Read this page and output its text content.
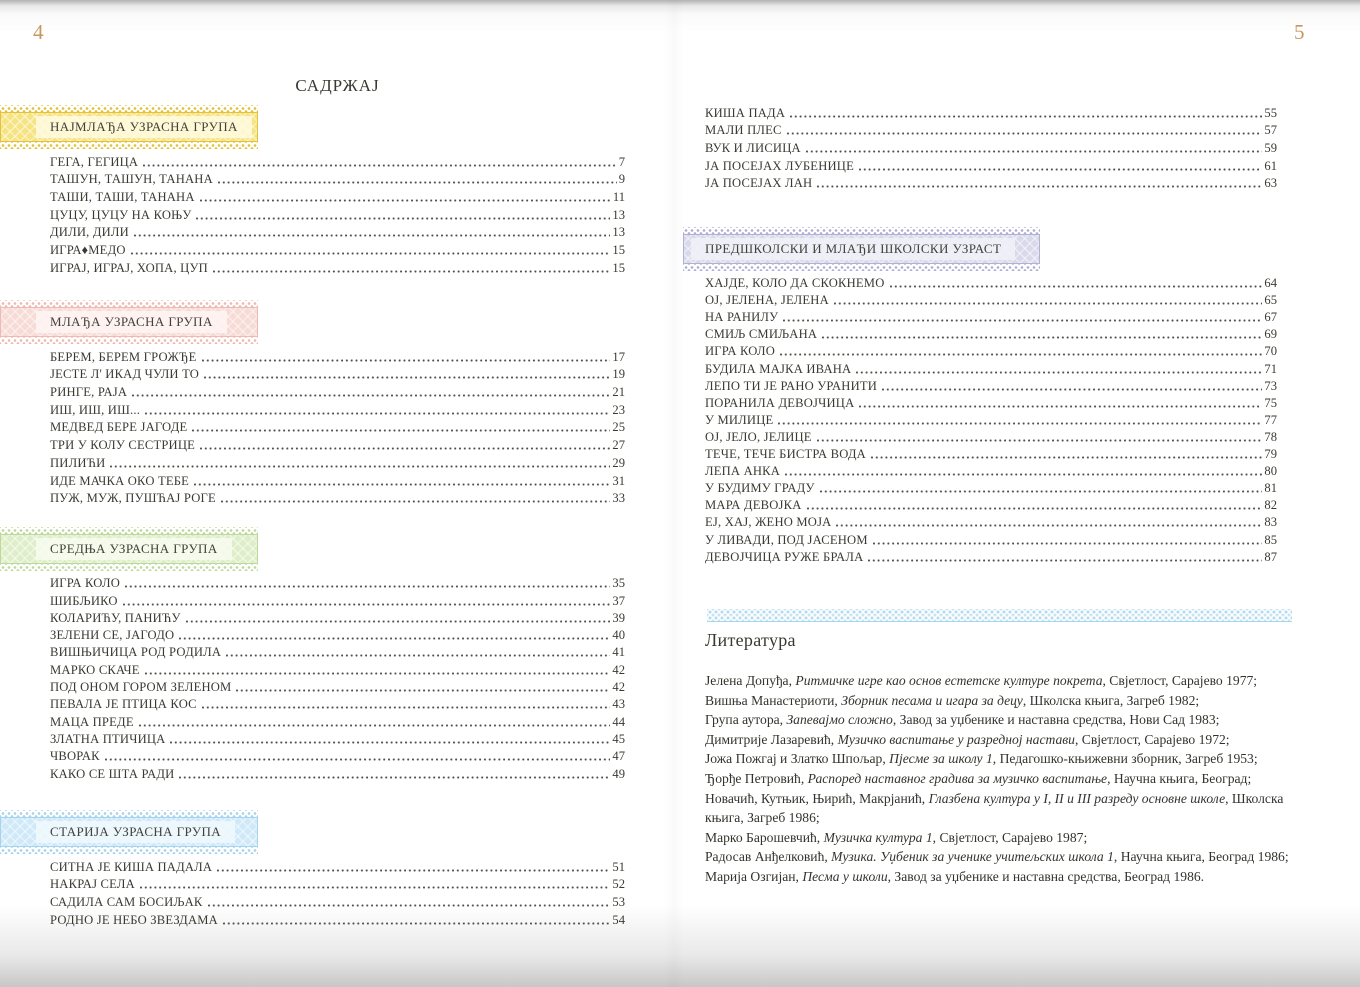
4	5
САДРЖАЈ
НАЈМЛАЂА УЗРАСНА ГРУПА
ГЕГА, ГЕГИЦА	7
ТАШУН, ТАШУН, ТАНАНА	9
ТАШИ, ТАШИ, ТАНАНА	11
ЦУЦУ, ЦУЦУ НА КОЊУ	13
ДИЛИ, ДИЛИ	13
ИГРА♦МЕДО	15
ИГРАЈ, ИГРАЈ, ХОПА, ЦУП	15
МЛАЂА УЗРАСНА ГРУПА
БЕРЕМ, БЕРЕМ ГРОЖЂЕ	17
ЈЕСТЕ Л' ИКАД ЧУЛИ ТО	19
РИНГЕ, РАЈА	21
ИШ, ИШ, ИШ...	23
МЕДВЕД БЕРЕ ЈАГОДЕ	25
ТРИ У КОЛУ СЕСТРИЦЕ	27
ПИЛИЋИ	29
ИДЕ МАЧКА ОКО ТЕБЕ	31
ПУЖ, МУЖ, ПУШЋАЈ РОГЕ	33
СРЕДЊА УЗРАСНА ГРУПА
ИГРА КОЛО	35
ШИБЉИКО	37
КОЛАРИЋУ, ПАНИЋУ	39
ЗЕЛЕНИ СЕ, ЈАГОДО	40
ВИШЊИЧИЦА РОД РОДИЛА	41
МАРКО СКАЧЕ	42
ПОД ОНОМ ГОРОМ ЗЕЛЕНОМ	42
ПЕВАЛА ЈЕ ПТИЦА КОС	43
МАЦА ПРЕДЕ	44
ЗЛАТНА ПТИЧИЦА	45
ЧВОРАК	47
КАКО СЕ ШТА РАДИ	49
СТАРИЈА УЗРАСНА ГРУПА
СИТНА ЈЕ КИША ПАДАЛА	51
НАКРАЈ СЕЛА	52
САДИЛА САМ БОСИЉАК	53
РОДНО ЈЕ НЕБО ЗВЕЗДАМА	54
КИША ПАДА	55
МАЛИ ПЛЕС	57
ВУК И ЛИСИЦА	59
ЈА ПОСЕЈАХ ЛУБЕНИЦЕ	61
ЈА ПОСЕЈАХ ЛАН	63
ПРЕДШКОЛСКИ И МЛАЂИ ШКОЛСКИ УЗРАСТ
ХАЈДЕ, КОЛО ДА СКОКНЕМО	64
ОЈ, ЈЕЛЕНА, ЈЕЛЕНА	65
НА РАНИЛУ	67
СМИЉ СМИЉАНА	69
ИГРА КОЛО	70
БУДИЛА МАЈКА ИВАНА	71
ЛЕПО ТИ ЈЕ РАНО УРАНИТИ	73
ПОРАНИЛА ДЕВОЈЧИЦА	75
У МИЛИЦЕ	77
ОЈ, ЈЕЛО, ЈЕЛИЦЕ	78
ТЕЧЕ, ТЕЧЕ БИСТРА ВОДА	79
ЛЕПА АНКА	80
У БУДИМУ ГРАДУ	81
МАРА ДЕВОЈКА	82
ЕЈ, ХАЈ, ЖЕНО МОЈА	83
У ЛИВАДИ, ПОД ЈАСЕНОМ	85
ДЕВОЈЧИЦА РУЖЕ БРАЛА	87
Литература

Јелена Допуђа, Ритмичке игре као основ естетске културе покрета, Свјетлост, Сарајево 1977;

Вишња Манастериоти, Зборник песама и игара за децу, Школска књига, Загреб 1982;

Група аутора, Запевајмо сложно, Завод за уџбенике и наставна средства, Нови Сад 1983;

Димитрије Лазаревић, Музичко васпитање у разредној настави, Свјетлост, Сарајево 1972;

Јожа Пожгај и Златко Шпољар, Пјесме за школу 1, Педагошко-књижевни зборник, Загреб 1953;

Ђорђе Петровић, Распоред наставног градива за музичко васпитање, Научна књига, Београд;

Новачић, Кутњик, Њирић, Макрјанић, Глазбена култура у I, II и III разреду основне школе, Школска књига, Загреб 1986;

Марко Барошевчић, Музичка култура 1, Свјетлост, Сарајево 1987;

Радосав Анђелковић, Музика. Уџбеник за ученике учитељских школа 1, Научна књига, Београд 1986;

Марија Озгијан, Песма у школи, Завод за уџбенике и наставна средства, Београд 1986.
